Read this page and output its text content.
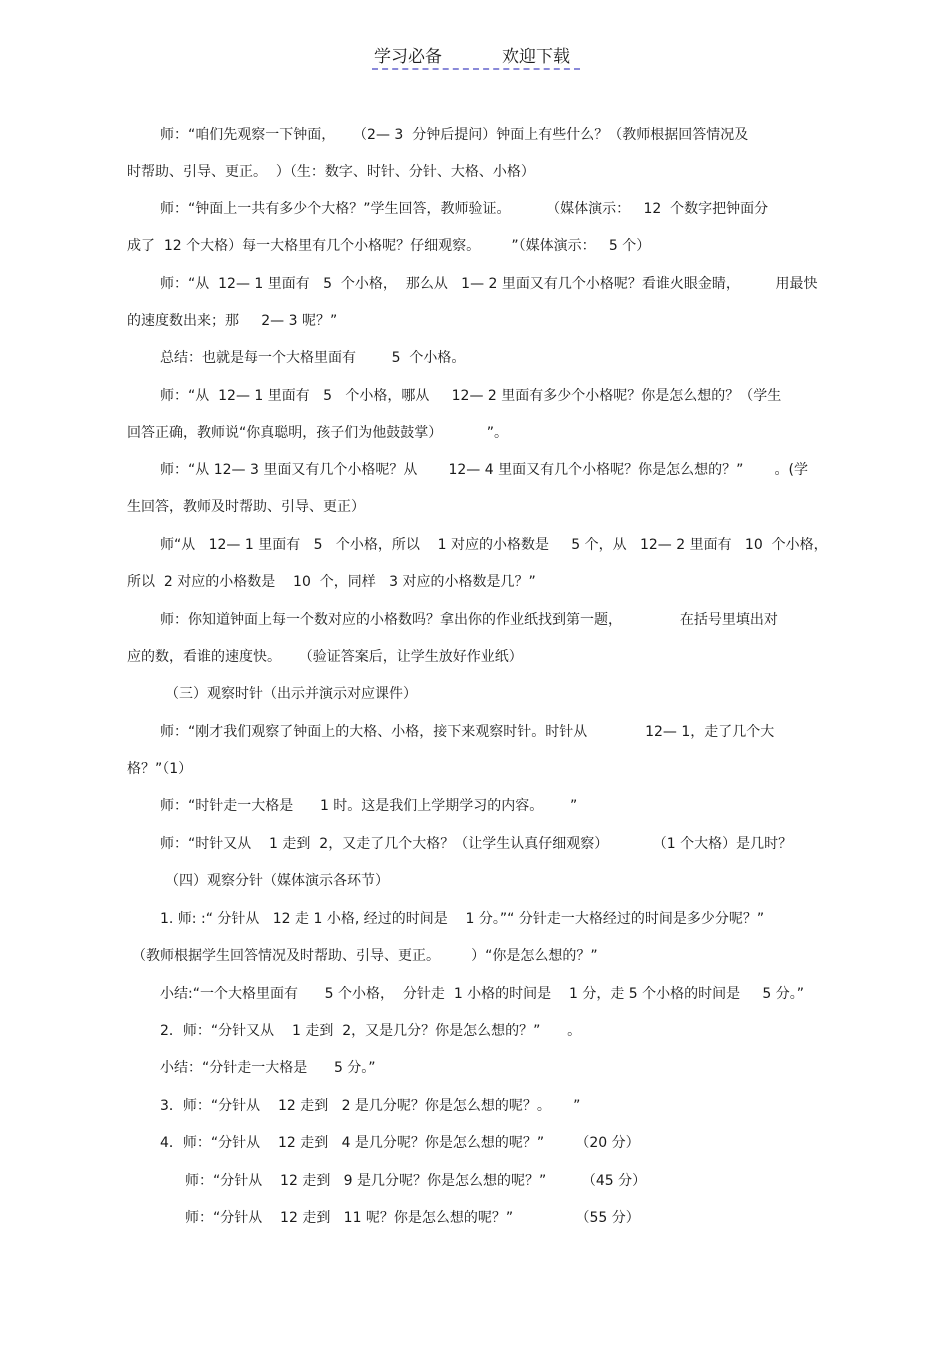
学习必备	欢迎下载
师：“咱们先观察一下钟面，    （2— 3  分钟后提问）钟面上有些什么？（教师根据回答情况及
时帮助、引导、更正。  ）（生：数字、时针、分针、大格、小格）
师：“钟面上一共有多少个大格？”学生回答，教师验证。        （媒体演示：   12  个数字把钟面分
成了  12 个大格）每一大格里有几个小格呢？仔细观察。       ”（媒体演示：   5 个）
师：“从  12— 1 里面有   5  个小格，  那么从   1— 2 里面又有几个小格呢？看谁火眼金睛，        用最快
的速度数出来；那     2— 3 呢？”
总结：也就是每一个大格里面有        5  个小格。
师：“从  12— 1 里面有   5   个小格，哪从     12— 2 里面有多少个小格呢？你是怎么想的？（学生
回答正确，教师说“你真聪明，孩子们为他鼓鼓掌）          ”。
师：“从 12— 3 里面又有几个小格呢？从       12— 4 里面又有几个小格呢？你是怎么想的？”       。(学
生回答，教师及时帮助、引导、更正）
师“从   12— 1 里面有   5   个小格，所以    1 对应的小格数是     5 个，从   12— 2 里面有   10  个小格，
所以  2 对应的小格数是    10  个，同样   3 对应的小格数是几？”
师：你知道钟面上每一个数对应的小格数吗？拿出你的作业纸找到第一题，             在括号里填出对
应的数，看谁的速度快。    （验证答案后，让学生放好作业纸）
（三）观察时针（出示并演示对应课件）
师：“刚才我们观察了钟面上的大格、小格，接下来观察时针。时针从             12— 1，走了几个大
格？”（1）
师：“时针走一大格是      1 时。这是我们上学期学习的内容。      ”
师：“时针又从    1 走到  2，又走了几个大格？（让学生认真仔细观察）          （1 个大格）是几时？
（四）观察分针（媒体演示各环节）
1. 师: :“ 分针从   12 走 1 小格, 经过的时间是    1 分。”“ 分针走一大格经过的时间是多少分呢？”
（教师根据学生回答情况及时帮助、引导、更正。       ）“你是怎么想的？”
小结:“一个大格里面有      5 个小格，  分针走  1 小格的时间是    1 分，走 5 个小格的时间是     5 分。”
2．师：“分针又从    1 走到  2，又是几分？你是怎么想的？”      。
小结：“分针走一大格是      5 分。”
3．师：“分针从    12 走到   2 是几分呢？你是怎么想的呢？。     ”
4．师：“分针从    12 走到   4 是几分呢？你是怎么想的呢？”       （20 分）
师：“分针从    12 走到   9 是几分呢？你是怎么想的呢？”        （45 分）
师：“分针从    12 走到   11 呢？你是怎么想的呢？”              （55 分）
